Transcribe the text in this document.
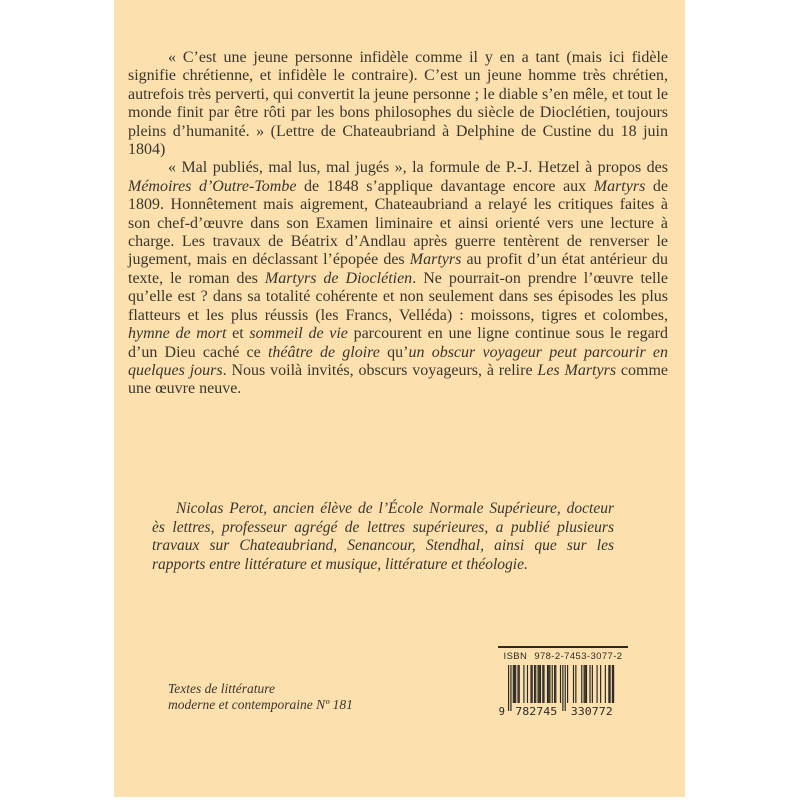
« C’est une jeune personne infidèle comme il y en a tant (mais ici fidèle signifie chrétienne, et infidèle le contraire). C’est un jeune homme très chrétien, autrefois très perverti, qui convertit la jeune personne ; le diable s’en mêle, et tout le monde finit par être rôti par les bons philosophes du siècle de Dioclétien, toujours pleins d’humanité. » (Lettre de Chateaubriand à Delphine de Custine du 18 juin 1804)

« Mal publiés, mal lus, mal jugés », la formule de P.-J. Hetzel à propos des Mémoires d’Outre-Tombe de 1848 s’applique davantage encore aux Martyrs de 1809. Honnêtement mais aigrement, Chateaubriand a relayé les critiques faites à son chef-d’œuvre dans son Examen liminaire et ainsi orienté vers une lecture à charge. Les travaux de Béatrix d’Andlau après guerre tentèrent de renverser le jugement, mais en déclassant l’épopée des Martyrs au profit d’un état antérieur du texte, le roman des Martyrs de Dioclétien. Ne pourrait-on prendre l’œuvre telle qu’elle est ? dans sa totalité cohérente et non seulement dans ses épisodes les plus flatteurs et les plus réussis (les Francs, Velléda) : moissons, tigres et colombes, hymne de mort et sommeil de vie parcourent en une ligne continue sous le regard d’un Dieu caché ce théâtre de gloire qu’un obscur voyageur peut parcourir en quelques jours. Nous voilà invités, obscurs voyageurs, à relire Les Martyrs comme une œuvre neuve.

Nicolas Perot, ancien élève de l’École Normale Supérieure, docteur ès lettres, professeur agrégé de lettres supérieures, a publié plusieurs travaux sur Chateaubriand, Senancour, Stendhal, ainsi que sur les rapports entre littérature et musique, littérature et théologie.

Textes de littérature
moderne et contemporaine Nº 181
ISBN 978-2-7453-3077-2
9 782745 330772
